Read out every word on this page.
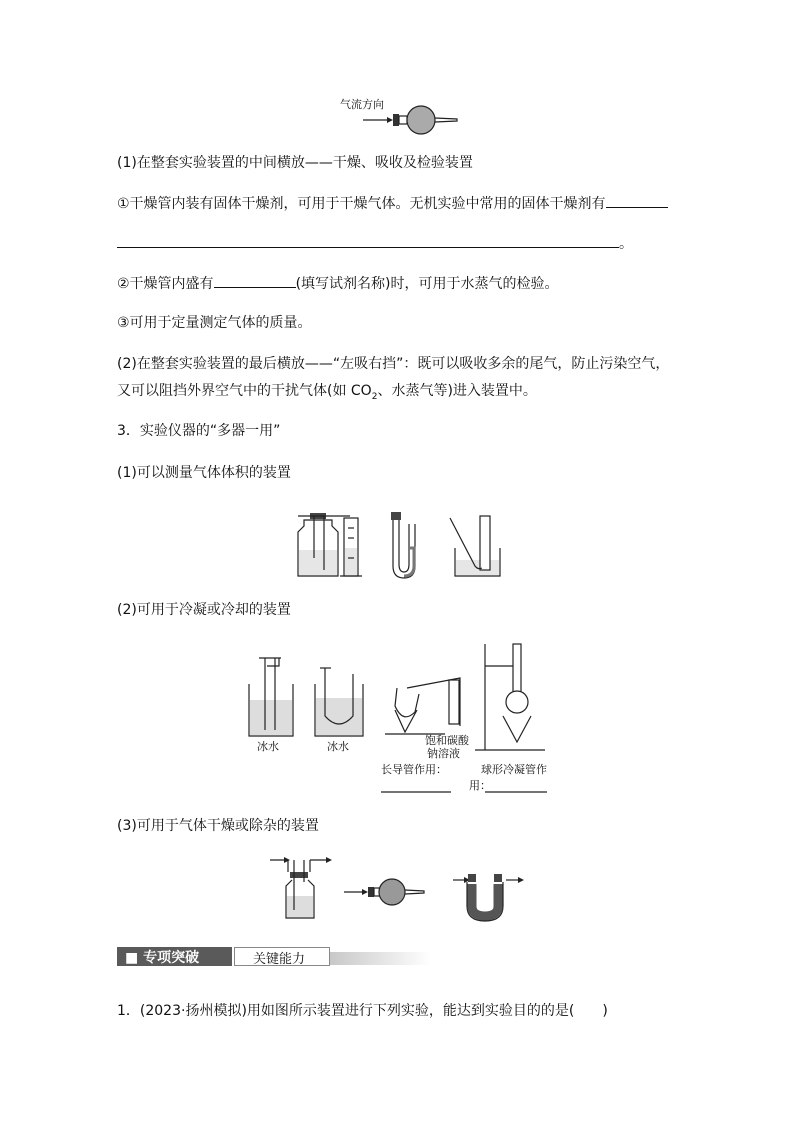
气流方向
(1)在整套实验装置的中间横放——干燥、吸收及检验装置
①干燥管内装有固体干燥剂，可用于干燥气体。无机实验中常用的固体干燥剂有
。
②干燥管内盛有	(填写试剂名称)时，可用于水蒸气的检验。
③可用于定量测定气体的质量。
(2)在整套实验装置的最后横放——“左吸右挡”：既可以吸收多余的尾气，防止污染空气，
又可以阻挡外界空气中的干扰气体(如 $CO_2$、水蒸气等)进入装置中。
3．实验仪器的“多器一用”
(1)可以测量气体体积的装置
(2)可用于冷凝或冷却的装置
冰水	冰水	饱和碳酸
钠溶液
长导管作用：	球形冷凝管作
用：
(3)可用于气体干燥或除杂的装置
■ 专项突破	关键能力
1．(2023·扬州模拟)用如图所示装置进行下列实验，能达到实验目的的是(　　)
